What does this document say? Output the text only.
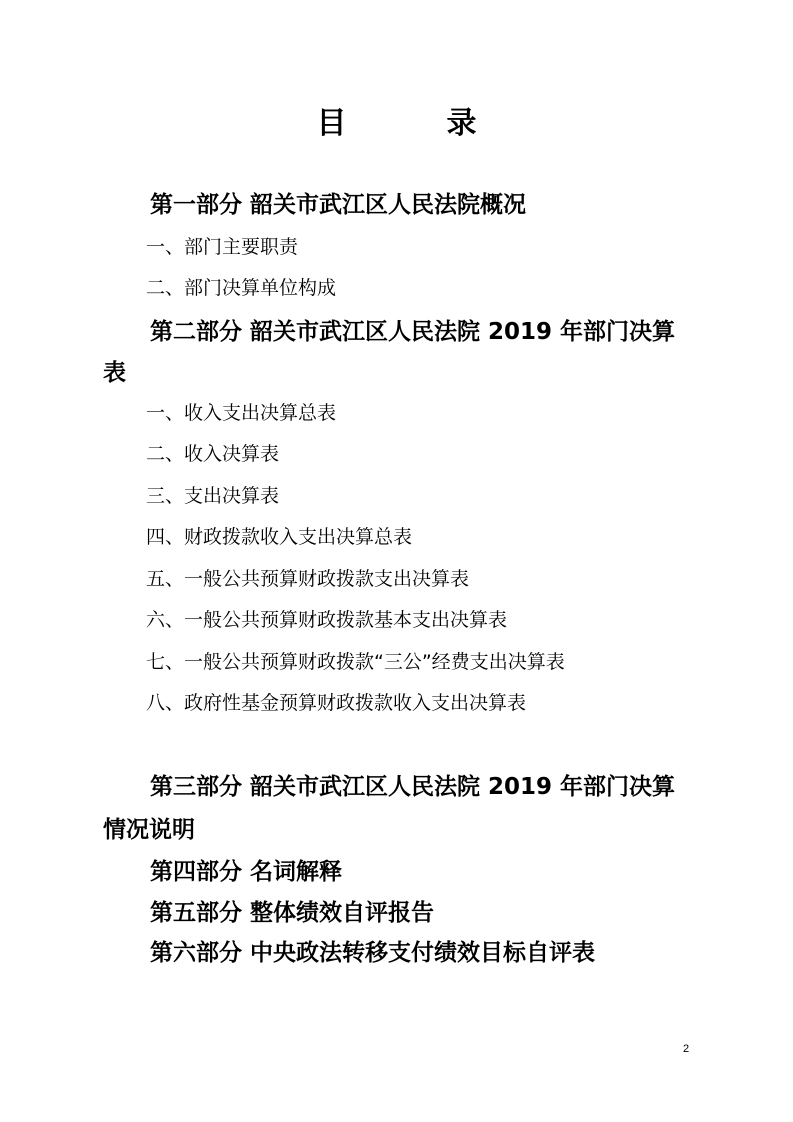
目	录
第一部分 韶关市武江区人民法院概况
一、部门主要职责
二、部门决算单位构成
第二部分 韶关市武江区人民法院 2019 年部门决算
表
一、收入支出决算总表
二、收入决算表
三、支出决算表
四、财政拨款收入支出决算总表
五、一般公共预算财政拨款支出决算表
六、一般公共预算财政拨款基本支出决算表
七、一般公共预算财政拨款“三公”经费支出决算表
八、政府性基金预算财政拨款收入支出决算表
第三部分 韶关市武江区人民法院 2019 年部门决算
情况说明
第四部分 名词解释
第五部分 整体绩效自评报告
第六部分 中央政法转移支付绩效目标自评表
2
